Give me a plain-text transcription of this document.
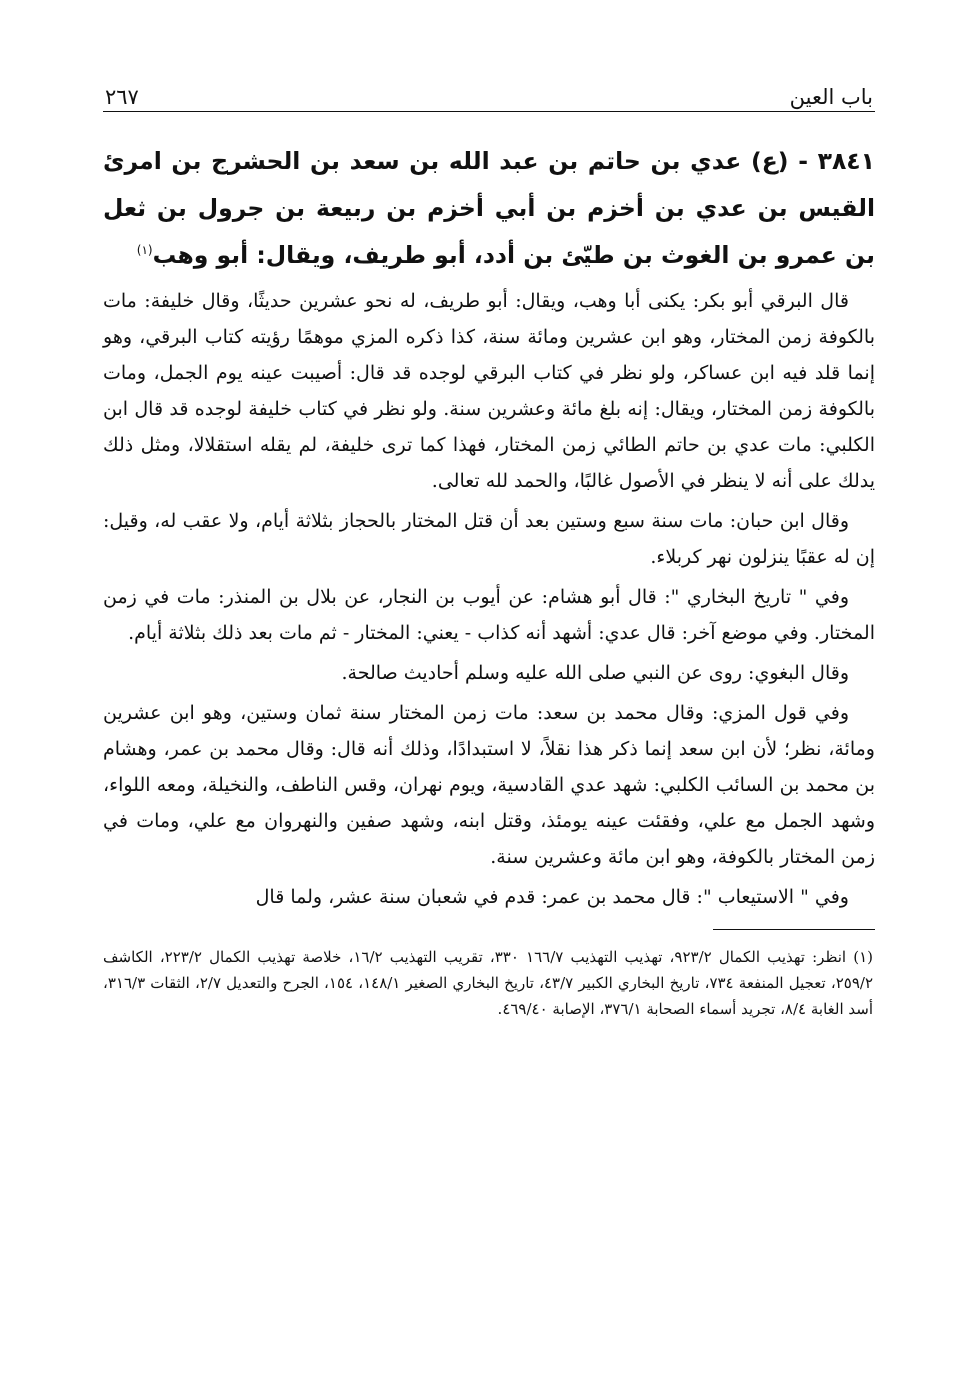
باب العين
٢٦٧
٣٨٤١ - (ع) عدي بن حاتم بن عبد الله بن سعد بن الحشرج بن امرئ القيس بن عدي بن أخزم بن أبي أخزم بن ربيعة بن جرول بن ثعل بن عمرو بن الغوث بن طيّئ بن أدد، أبو طريف، ويقال: أبو وهب$^{(١)}$

قال البرقي أبو بكر: يكنى أبا وهب، ويقال: أبو طريف، له نحو عشرين حديثًا، وقال خليفة: مات بالكوفة زمن المختار، وهو ابن عشرين ومائة سنة، كذا ذكره المزي موهمًا رؤيته كتاب البرقي، وهو إنما قلد فيه ابن عساكر، ولو نظر في كتاب البرقي لوجده قد قال: أصيبت عينه يوم الجمل، ومات بالكوفة زمن المختار، ويقال: إنه بلغ مائة وعشرين سنة. ولو نظر في كتاب خليفة لوجده قد قال ابن الكلبي: مات عدي بن حاتم الطائي زمن المختار، فهذا كما ترى خليفة، لم يقله استقلالا، ومثل ذلك يدلك على أنه لا ينظر في الأصول غالبًا، والحمد لله تعالى.

وقال ابن حبان: مات سنة سبع وستين بعد أن قتل المختار بالحجاز بثلاثة أيام، ولا عقب له، وقيل: إن له عقبًا ينزلون نهر كربلاء.

وفي " تاريخ البخاري ": قال أبو هشام: عن أيوب بن النجار، عن بلال بن المنذر: مات في زمن المختار. وفي موضع آخر: قال عدي: أشهد أنه كذاب - يعني: المختار - ثم مات بعد ذلك بثلاثة أيام.

وقال البغوي: روى عن النبي صلى الله عليه وسلم أحاديث صالحة.

وفي قول المزي: وقال محمد بن سعد: مات زمن المختار سنة ثمان وستين، وهو ابن عشرين ومائة، نظر؛ لأن ابن سعد إنما ذكر هذا نقلاً، لا استبدادًا، وذلك أنه قال: وقال محمد بن عمر، وهشام بن محمد بن السائب الكلبي: شهد عدي القادسية، ويوم نهران، وقس الناطف، والنخيلة، ومعه اللواء، وشهد الجمل مع علي، وفقئت عينه يومئذ، وقتل ابنه، وشهد صفين والنهروان مع علي، ومات في زمن المختار بالكوفة، وهو ابن مائة وعشرين سنة.

وفي " الاستيعاب ": قال محمد بن عمر: قدم في شعبان سنة عشر، ولما قال

(١) انظر: تهذيب الكمال ٩٢٣/٢، تهذيب التهذيب ١٦٦/٧ ٣٣٠، تقريب التهذيب ١٦/٢، خلاصة تهذيب الكمال ٢٢٣/٢، الكاشف ٢٥٩/٢، تعجيل المنفعة ٧٣٤، تاريخ البخاري الكبير ٤٣/٧، تاريخ البخاري الصغير ١٤٨/١، ١٥٤، الجرح والتعديل ٢/٧، الثقات ٣١٦/٣، أسد الغابة ٨/٤، تجريد أسماء الصحابة ٣٧٦/١، الإصابة ٤٦٩/٤٠.
